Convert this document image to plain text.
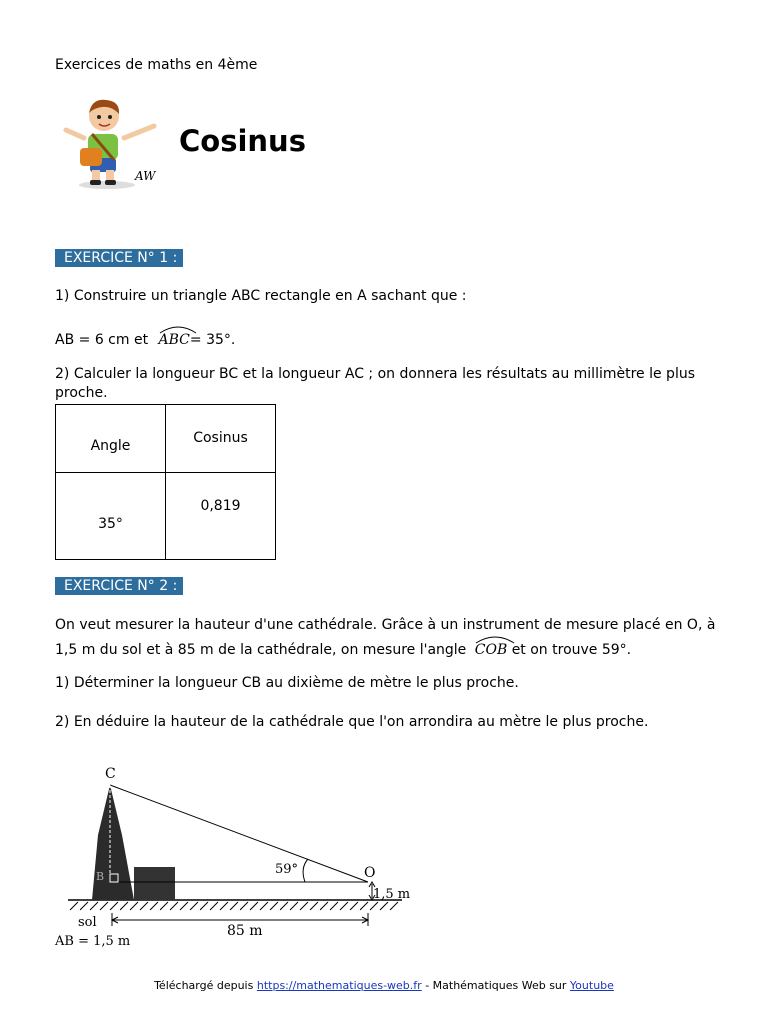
Exercices de maths en 4ème
AW
Cosinus
EXERCICE N° 1 :
1) Construire un triangle ABC rectangle en A sachant que :
AB = 6 cm et ABC= 35°.
2) Calculer la longueur BC et la longueur AC ; on donnera les résultats au millimètre le plus
proche.
Angle	Cosinus
35°	0,819
EXERCICE N° 2 :
On veut mesurer la hauteur d'une cathédrale. Grâce à un instrument de mesure placé en O, à
1,5 m du sol et à 85 m de la cathédrale, on mesure l'angle COB et on trouve 59°.
1) Déterminer la longueur CB au dixième de mètre le plus proche.
2) En déduire la hauteur de la cathédrale que l'on arrondira au mètre le plus proche.
C
O
B	59°
1,5 m
85 m
sol
AB = 1,5 m
Téléchargé depuis https://mathematiques-web.fr - Mathématiques Web sur Youtube
